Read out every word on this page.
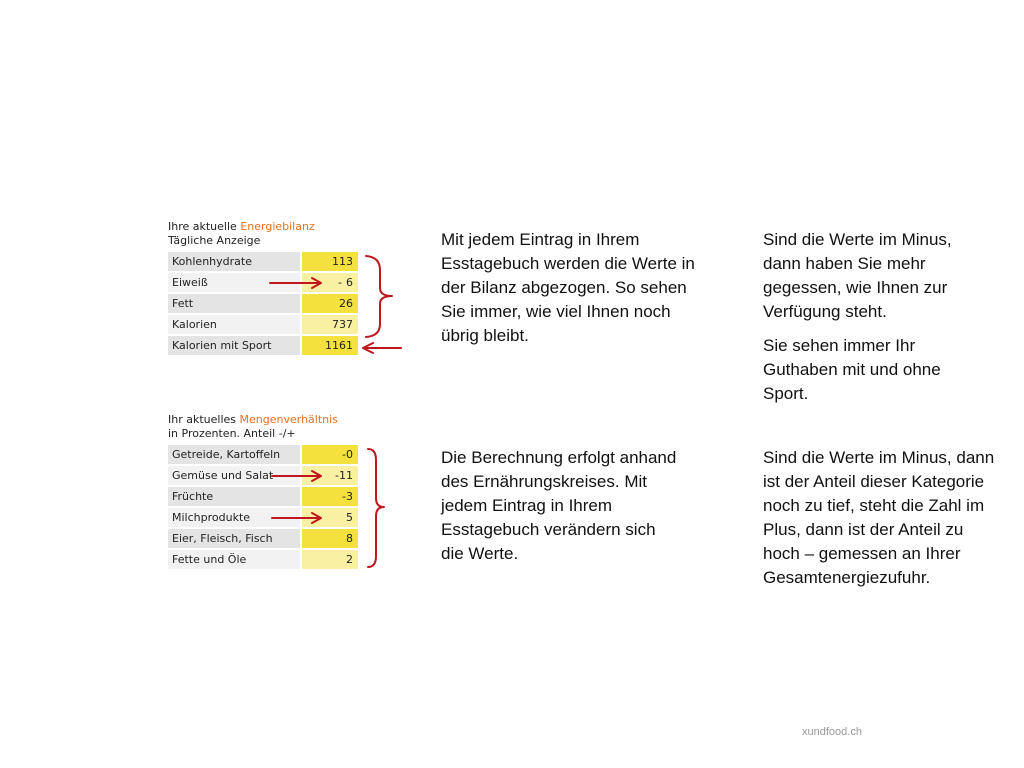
Ihre aktuelle Energiebilanz
Tägliche Anzeige
Kohlenhydrate	113
Eiweiß	- 6
Fett	26
Kalorien	737
Kalorien mit Sport	1161
Ihr aktuelles Mengenverhältnis
in Prozenten. Anteil -/+
Getreide, Kartoffeln	-0
Gemüse und Salat	-11
Früchte	-3
Milchprodukte	5
Eier, Fleisch, Fisch	8
Fette und Öle	2

Mit jedem Eintrag in Ihrem Esstagebuch werden die Werte in der Bilanz abgezogen. So sehen Sie immer, wie viel Ihnen noch übrig bleibt.

Sind die Werte im Minus, dann haben Sie mehr gegessen, wie Ihnen zur Verfügung steht.

Sie sehen immer Ihr Guthaben mit und ohne Sport.

Die Berechnung erfolgt anhand des Ernährungskreises. Mit jedem Eintrag in Ihrem Esstagebuch verändern sich die Werte.

Sind die Werte im Minus, dann ist der Anteil dieser Kategorie noch zu tief, steht die Zahl im Plus, dann ist der Anteil zu hoch – gemessen an Ihrer Gesamtenergiezufuhr.

xundfood.ch
